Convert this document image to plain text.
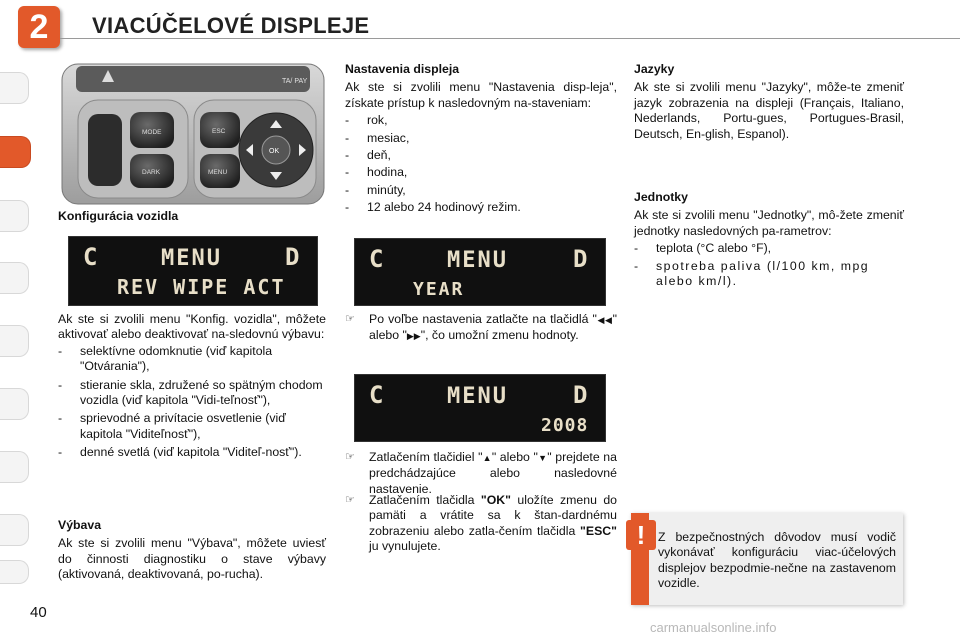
2	VIACÚČELOVÉ DISPLEJE
TA/ PAY
MODE
DARK
ESC
MENU
OK
Konfigurácia vozidla
C	MENU	D
REV WIPE ACT

Ak ste si zvolili menu "Konfig. vozidla", môžete aktivovať alebo deaktivovať na-sledovnú výbavu:

- selektívne odomknutie (viď kapitola "Otvárania"),
- stieranie skla, združené so spätným chodom vozidla (viď kapitola "Vidi-teľnosť"),
- sprievodné a privítacie osvetlenie (viď kapitola "Viditeľnosť"),
- denné svetlá (viď kapitola "Viditeľ-nosť").

Výbava

Ak ste si zvolili menu "Výbava", môžete uviesť do činnosti diagnostiku o stave výbavy (aktivovaná, deaktivovaná, po-rucha).

Nastavenia displeja

Ak ste si zvolili menu "Nastavenia disp-leja", získate prístup k nasledovným na-staveniam:

- rok,
- mesiac,
- deň,
- hodina,
- minúty,
- 12 alebo 24 hodinový režim.
C	MENU	D
YEAR
☞ Po voľbe nastavenia zatlačte na tlačidlá "◀◀" alebo "▶▶", čo umožní zmenu hodnoty.
C	MENU	D
2008
☞ Zatlačením tlačidiel "▲" alebo "▼" prejdete na predchádzajúce alebo nasledovné nastavenie.
☞ Zatlačením tlačidla "OK" uložíte zmenu do pamäti a vrátite sa k štan-dardnému zobrazeniu alebo zatla-čením tlačidla "ESC" ju vynulujete.

Jazyky

Ak ste si zvolili menu "Jazyky", môže-te zmeniť jazyk zobrazenia na displeji (Français, Italiano, Nederlands, Portu-gues, Portugues-Brasil, Deutsch, En-glish, Espanol).

Jednotky

Ak ste si zvolili menu "Jednotky", mô-žete zmeniť jednotky nasledovných pa-rametrov:

- teplota (°C alebo °F),
- spotreba paliva (l/100 km, mpg alebo km/l).
!	Z bezpečnostných dôvodov musí vodič vykonávať konfiguráciu viac-účelových displejov bezpodmie-nečne na zastavenom vozidle.
40
carmanualsonline.info
